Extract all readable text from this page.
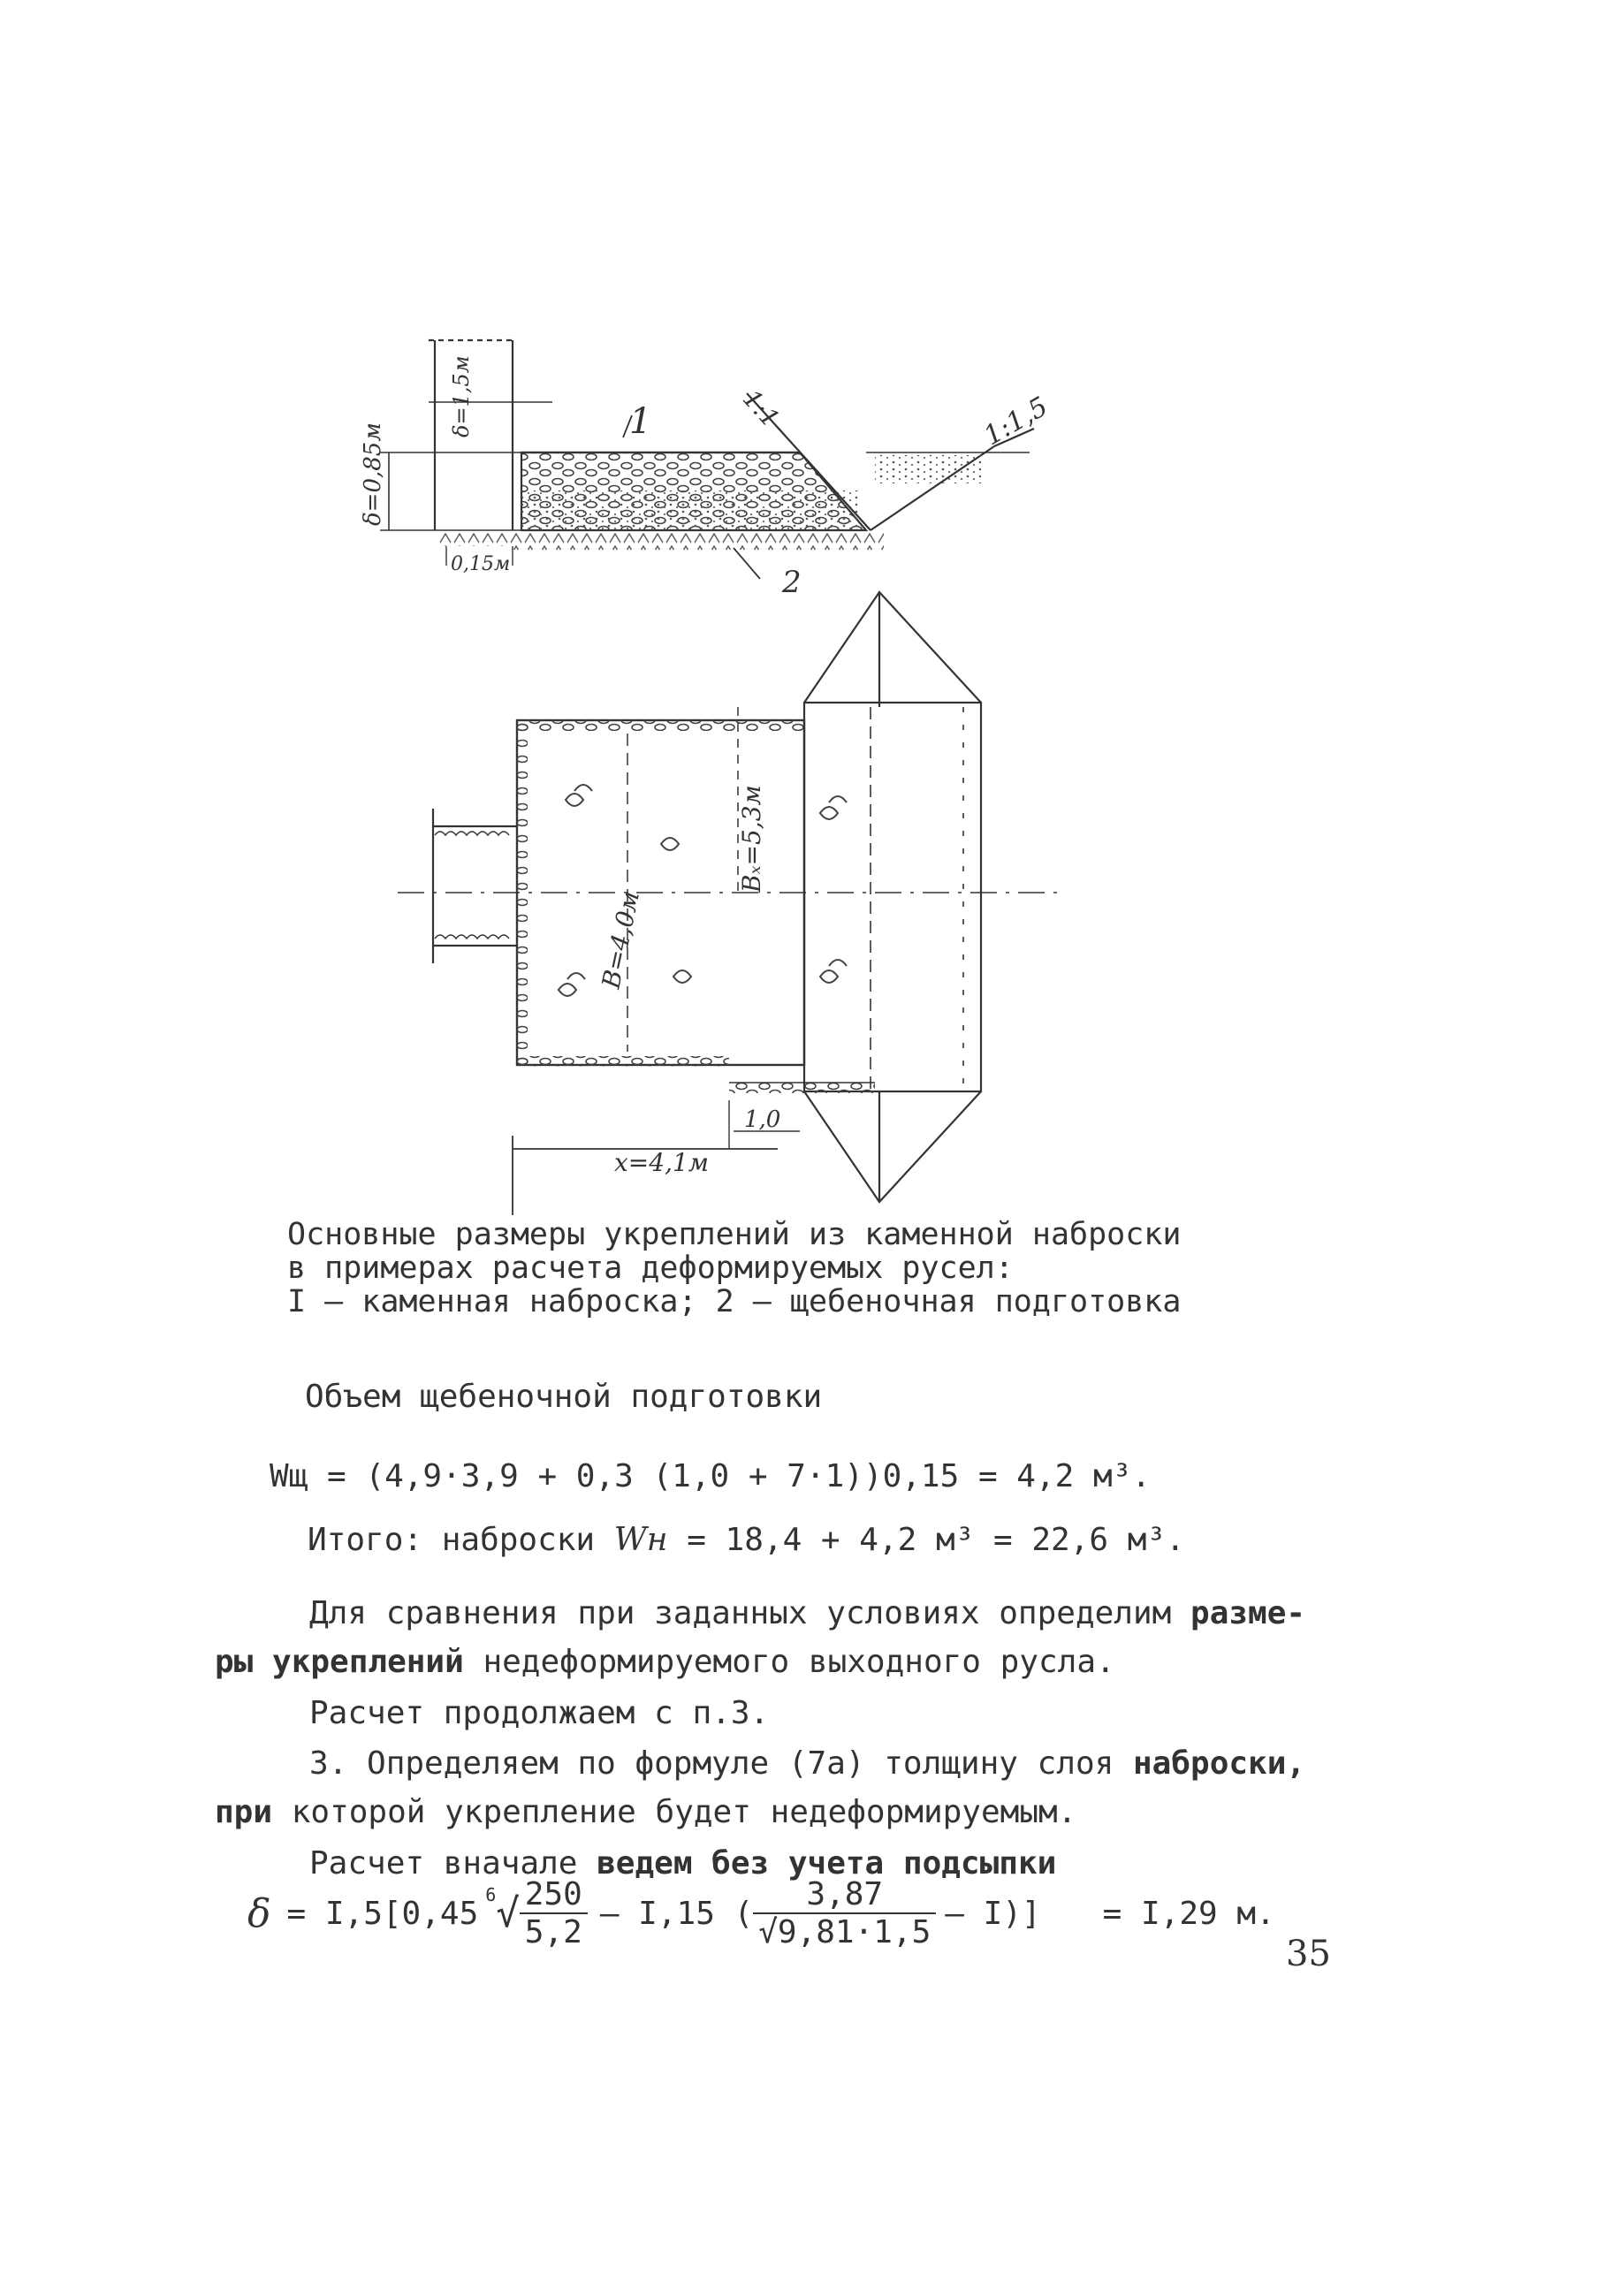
1
2
1:1	1:1,5
δ=0,85м
δ=1,5м
0,15м
B=4,0м
Bₓ=5,3м
1,0
x=4,1м
Основные размеры укреплений из каменной наброски
в примерах расчета деформируемых русел:
I – каменная наброска; 2 – щебеночная подготовка
Объем щебеночной подготовки
Wщ = (4,9·3,9 + 0,3 (1,0 + 7·1))0,15 = 4,2 м³.
Итого: наброски Wн = 18,4 + 4,2 м³ = 22,6 м³.
Для сравнения при заданных условиях определим разме-
ры укреплений недеформируемого выходного русла.
Расчет продолжаем с п.3.
3. Определяем по формуле (7а) толщину слоя наброски,
при которой укрепление будет недеформируемым.
Расчет вначале ведем без учета подсыпки
δ = I,5[0,45
$^6$ √ $\frac{250}{5,2} - I,15$ ( $\frac{3,87}{√9,81\cdot 1,5} - I)] = I,29$ м.
35
